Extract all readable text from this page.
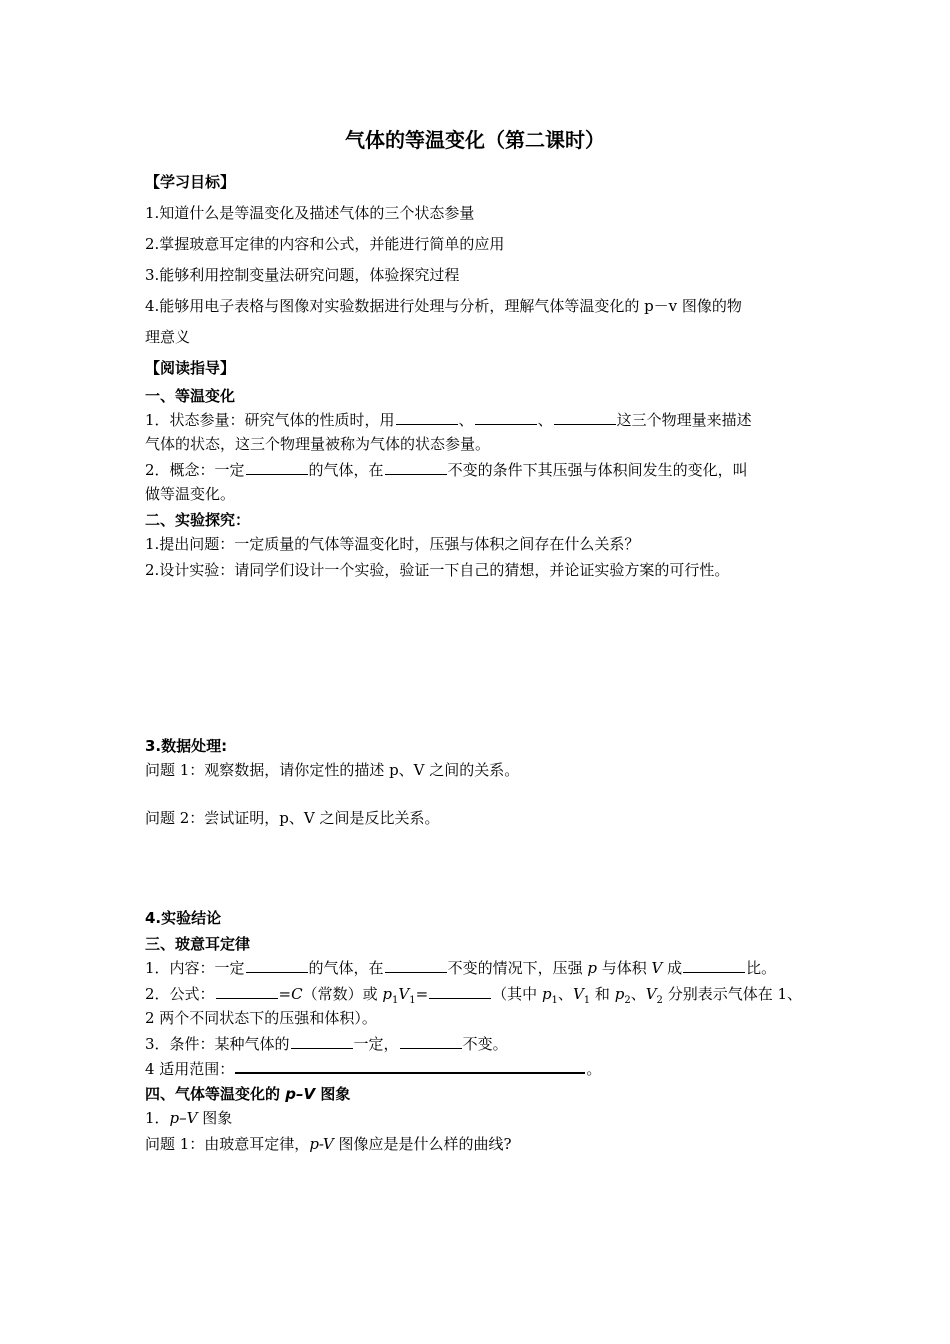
气体的等温变化（第二课时）
【学习目标】
1.知道什么是等温变化及描述气体的三个状态参量
2.掌握玻意耳定律的内容和公式，并能进行简单的应用
3.能够利用控制变量法研究问题，体验探究过程
4.能够用电子表格与图像对实验数据进行处理与分析，理解气体等温变化的 p－v 图像的物
理意义
【阅读指导】
一、等温变化
1．状态参量：研究气体的性质时，用	、	、	这三个物理量来描述
气体的状态，这三个物理量被称为气体的状态参量。
2．概念：一定	的气体，在	不变的条件下其压强与体积间发生的变化，叫
做等温变化。
二、实验探究：
1.提出问题：一定质量的气体等温变化时，压强与体积之间存在什么关系？
2.设计实验：请同学们设计一个实验，验证一下自己的猜想，并论证实验方案的可行性。
3.数据处理:
问题 1：观察数据，请你定性的描述 p、V 之间的关系。
问题 2：尝试证明，p、V 之间是反比关系。
4.实验结论
三、玻意耳定律
1．内容：一定	的气体，在	不变的情况下，压强 p 与体积 V 成	比。
2．公式：	=C（常数）或 $p_1V_1=$	（其中 $p_1$、$V_1$ 和 $p_2$、$V_2$ 分别表示气体在 1、
2 两个不同状态下的压强和体积）。
3．条件：某种气体的	一定，	不变。
4 适用范围：	。
四、气体等温变化的 p–V 图象
1．p–V 图象
问题 1：由玻意耳定律，p-V 图像应是是什么样的曲线?
